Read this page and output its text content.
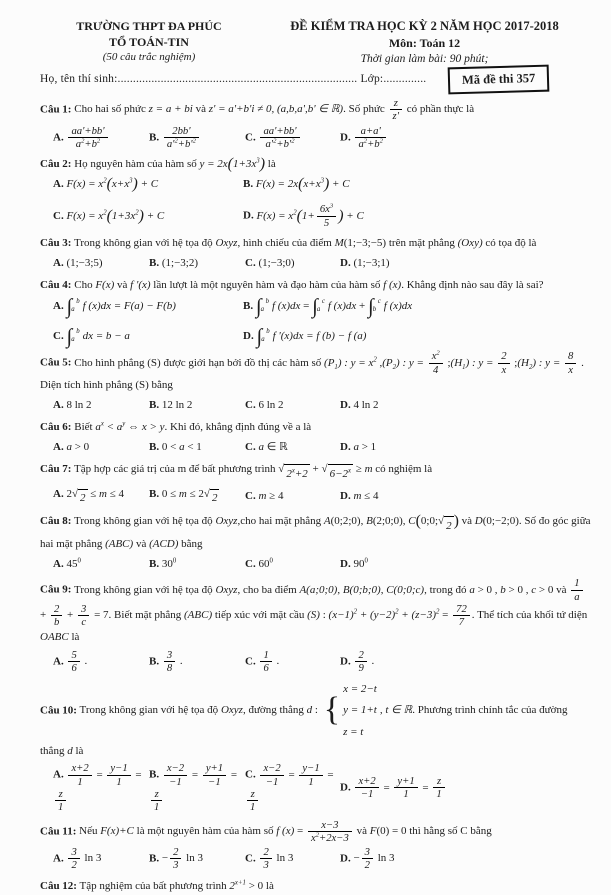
TRƯỜNG THPT ĐA PHÚC
TỔ TOÁN-TIN
(50 câu trắc nghiệm)
ĐỀ KIỂM TRA HỌC KỲ 2 NĂM HỌC 2017-2018
Môn: Toán 12
Thời gian làm bài: 90 phút;
Họ, tên thí sinh:.............................................................................. Lớp:..............	Mã đề thi 357
Câu 1: Cho hai số phức z = a + bi và z' = a'+b'i ≠ 0, (a,b,a',b' ∈ ℝ). Số phức $\frac{z}{z'}$ có phần thực là
A. $\frac{aa'+bb'}{a^2+b^2}$	B. $\frac{2bb'}{a'^2+b'^2}$	C. $\frac{aa'+bb'}{a'^2+b'^2}$	D. $\frac{a+a'}{a^2+b^2}$
Câu 2: Họ nguyên hàm của hàm số $y = 2x(1+3x^3)$ là
A. $F(x) = x^2(x+x^3) + C$	B. $F(x) = 2x(x+x^3) + C$
C. $F(x) = x^2(1+3x^2) + C$	D. $F(x) = x^2(1+ \frac{6x^3}{5}$ ) + C
Câu 3: Trong không gian với hệ tọa độ Oxyz, hình chiếu của điểm M(1;−3;−5) trên mặt phẳng (Oxy) có tọa độ là
A. (1;−3;5)	B. (1;−3;2)	C. (1;−3;0)	D. (1;−3;1)
Câu 4: Cho F(x) và f '(x) lần lượt là một nguyên hàm và đạo hàm của hàm số f (x). Khẳng định nào sau đây là sai?
A. ∫ b
a f (x)dx = F(a) − F(b)	B. ∫ b
a f (x)dx = ∫ c
a f (x)dx + ∫ c
b f (x)dx
C. ∫ b
a dx = b − a	D. ∫ b
a f '(x)dx = f (b) − f (a)
Câu 5: Cho hình phẳng (S) được giới hạn bởi đồ thị các hàm số $(P_1)$ : $y = x^2$ $,(P_2)$ : $y = \frac{x^2}{4}$ $;(H_1)$ : $y = \frac{2}{x}$ $;(H_2)$ : $y = \frac{8}{x}$ .
Diện tích hình phẳng (S) bằng
A. 8 ln 2	B. 12 ln 2	C. 6 ln 2	D. 4 ln 2
Câu 6: Biết $a^x < a^y$ ⇔ x > y. Khi đó, khẳng định đúng về a là
A. a > 0	B. 0 < a < 1	C. a ∈ ℝ	D. a > 1
Câu 7: Tập hợp các giá trị của m để bất phương trình √ $2^x+2$ + √ $6-2^x \ge m$ có nghiệm là
A. 2 √ 2 ≤ m ≤ 4	B. 0 ≤ m ≤ 2 √ 2	C. m ≥ 4	D. m ≤ 4
Câu 8: Trong không gian với hệ tọa độ Oxyz,cho hai mặt phẳng A(0;2;0), B(2;0;0), C(0;0; √ 2 ) và D(0;−2;0). Số đo góc giữa hai mặt phẳng (ABC) và (ACD) bằng
A. $45^0$	B. $30^0$	C. $60^0$	D. $90^0$
Câu 9: Trong không gian với hệ tọa độ Oxyz, cho ba điểm A(a;0;0), B(0;b;0), C(0;0;c), trong đó a > 0 , b > 0 , c > 0 và $\frac{1}{a}$
+ $\frac{2}{b} + \frac{3}{c} = 7$. Biết mặt phẳng (ABC) tiếp xúc với mặt cầu (S) : $(x-1)^2 + (y-2)^2 + (z-3)^2 = \frac{72}{7}$ . Thể tích của khối tứ diện OABC là
A. $\frac{5}{6}$ .	B. $\frac{3}{8}$ .	C. $\frac{1}{6}$ .	D. $\frac{2}{9}$ .
Câu 10: Trong không gian với hệ tọa độ Oxyz, đường thẳng d : {
x = 2−t
y = 1+t
z = t
, t ∈ ℝ. Phương trình chính tắc của đường thẳng d là
A. $\frac{x+2}{1} = \frac{y-1}{1}$ =
$\frac{z}{1}$
B. $\frac{x-2}{-1} = \frac{y+1}{-1}$ =
$\frac{z}{1}$
C. $\frac{x-2}{-1} = \frac{y-1}{1}$ =
$\frac{z}{1}$
D. $\frac{x+2}{-1} = \frac{y+1}{1} = \frac{z}{1}$
Câu 11: Nếu F(x)+C là một nguyên hàm của hàm số f $(x) = \frac{x-3}{x^2+2x-3}$ và F(0) = 0 thì hằng số C bằng
A. $\frac{3}{2}$ ln 3	B. − $\frac{2}{3}$ ln 3	C. $\frac{2}{3}$ ln 3	D. − $\frac{3}{2}$ ln 3
Câu 12: Tập nghiệm của bất phương trình $2^{x+1} > 0$ là
